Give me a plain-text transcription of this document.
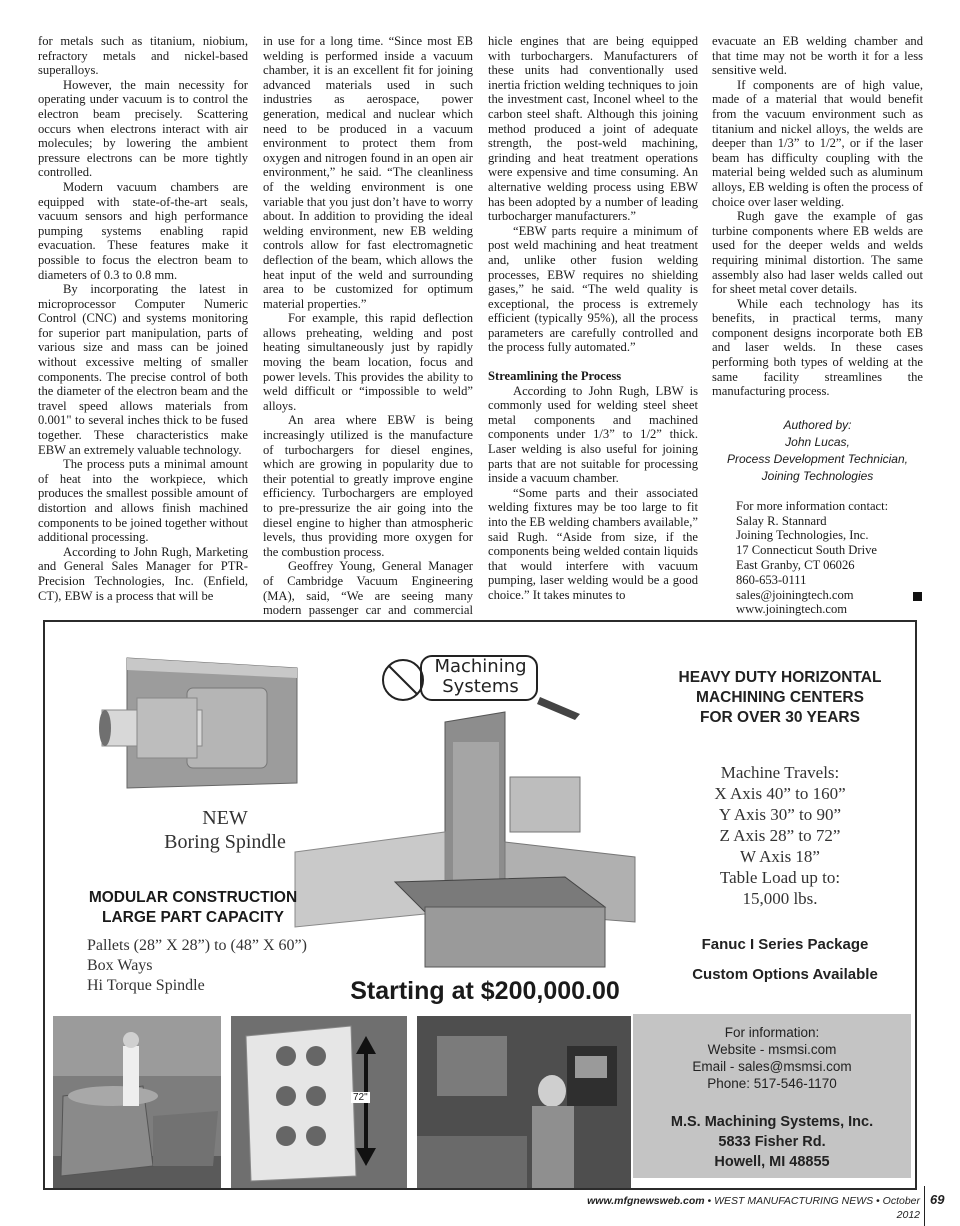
for metals such as titanium, niobium, refractory metals and nickel-based superalloys.

However, the main necessity for operating under vacuum is to control the electron beam precisely. Scattering occurs when electrons interact with air molecules; by lowering the ambient pressure electrons can be more tightly controlled.

Modern vacuum chambers are equipped with state-of-the-art seals, vacuum sensors and high performance pumping systems enabling rapid evacuation. These features make it possible to focus the electron beam to diameters of 0.3 to 0.8 mm.

By incorporating the latest in microprocessor Computer Numeric Control (CNC) and systems monitoring for superior part manipulation, parts of various size and mass can be joined without excessive melting of smaller components. The precise control of both the diameter of the electron beam and the travel speed allows materials from 0.001" to several inches thick to be fused together. These characteristics make EBW an extremely valuable technology.

The process puts a minimal amount of heat into the workpiece, which produces the smallest possible amount of distortion and allows finish machined components to be joined together without additional processing.

According to John Rugh, Marketing and General Sales Manager for PTR-Precision Technologies, Inc. (Enfield, CT), EBW is a process that will be

in use for a long time. “Since most EB welding is performed inside a vacuum chamber, it is an excellent fit for joining advanced materials used in such industries as aerospace, power generation, medical and nuclear which need to be produced in a vacuum environment to protect them from oxygen and nitrogen found in an open air environment,” he said. “The cleanliness of the welding environment is one variable that you just don’t have to worry about. In addition to providing the ideal welding environment, new EB welding controls allow for fast electromagnetic deflection of the beam, which allows the heat input of the weld and surrounding area to be customized for optimum material properties.”

For example, this rapid deflection allows preheating, welding and post heating simultaneously just by rapidly moving the beam location, focus and power levels. This provides the ability to weld difficult or “impossible to weld” alloys.

An area where EBW is being increasingly utilized is the manufacture of turbochargers for diesel engines, which are growing in popularity due to their potential to greatly improve engine efficiency. Turbochargers are employed to pre-pressurize the air going into the diesel engine to higher than atmospheric levels, thus providing more oxygen for the combustion process.

Geoffrey Young, General Manager of Cambridge Vacuum Engineering (MA), said, “We are seeing many modern passenger car and commercial

hicle engines that are being equipped with turbochargers. Manufacturers of these units had conventionally used inertia friction welding techniques to join the investment cast, Inconel wheel to the carbon steel shaft. Although this joining method produced a joint of adequate strength, the post-weld machining, grinding and heat treatment operations were expensive and time consuming. An alternative welding process using EBW has been adopted by a number of leading turbocharger manufacturers.”

“EBW parts require a minimum of post weld machining and heat treatment and, unlike other fusion welding processes, EBW requires no shielding gases,” he said. “The weld quality is exceptional, the process is extremely efficient (typically 95%), all the process parameters are carefully controlled and the process fully automated.”

Streamlining the Process

According to John Rugh, LBW is commonly used for welding steel sheet metal components and machined components under 1/3” to 1/2” thick. Laser welding is also useful for joining parts that are not suitable for processing inside a vacuum chamber.

“Some parts and their associated welding fixtures may be too large to fit into the EB welding chambers available,” said Rugh. “Aside from size, if the components being welded contain liquids that would interfere with vacuum pumping, laser welding would be a good choice.” It takes minutes to

evacuate an EB welding chamber and that time may not be worth it for a less sensitive weld.

If components are of high value, made of a material that would benefit from the vacuum environment such as titanium and nickel alloys, the welds are deeper than 1/3” to 1/2”, or if the laser beam has difficulty coupling with the material being welded such as aluminum alloys, EB welding is often the process of choice over laser welding.

Rugh gave the example of gas turbine components where EB welds are used for the deeper welds and welds requiring minimal distortion. The same assembly also had laser welds called out for sheet metal cover details.

While each technology has its benefits, in practical terms, many component designs incorporate both EB and laser welds. In these cases performing both types of welding at the same facility streamlines the manufacturing process.

Authored by:
John Lucas,
Process Development Technician,
Joining Technologies

For more information contact:
Salay R. Stannard
Joining Technologies, Inc.
17 Connecticut South Drive
East Granby, CT 06026
860-653-0111
sales@joiningtech.com
www.joiningtech.com

Machining
Systems	HEAVY DUTY HORIZONTAL
MACHINING CENTERS
FOR OVER 30 YEARS
Machine Travels:
X Axis 40” to 160”
Y Axis 30” to 90”
Z Axis 28” to 72”
W Axis 18”
Table Load up to:
15,000 lbs.
Fanuc I Series Package
Custom Options Available
NEW
Boring Spindle
MODULAR CONSTRUCTION
LARGE PART CAPACITY
Pallets (28” X 28”) to (48” X 60”)
Box Ways
Hi Torque Spindle	Starting at $200,000.00
72"
For information:
Website - msmsi.com
Email - sales@msmsi.com
Phone: 517-546-1170
M.S. Machining Systems, Inc.
5833 Fisher Rd.
Howell, MI 48855
www.mfgnewsweb.com • WEST MANUFACTURING NEWS • October 2012
69
